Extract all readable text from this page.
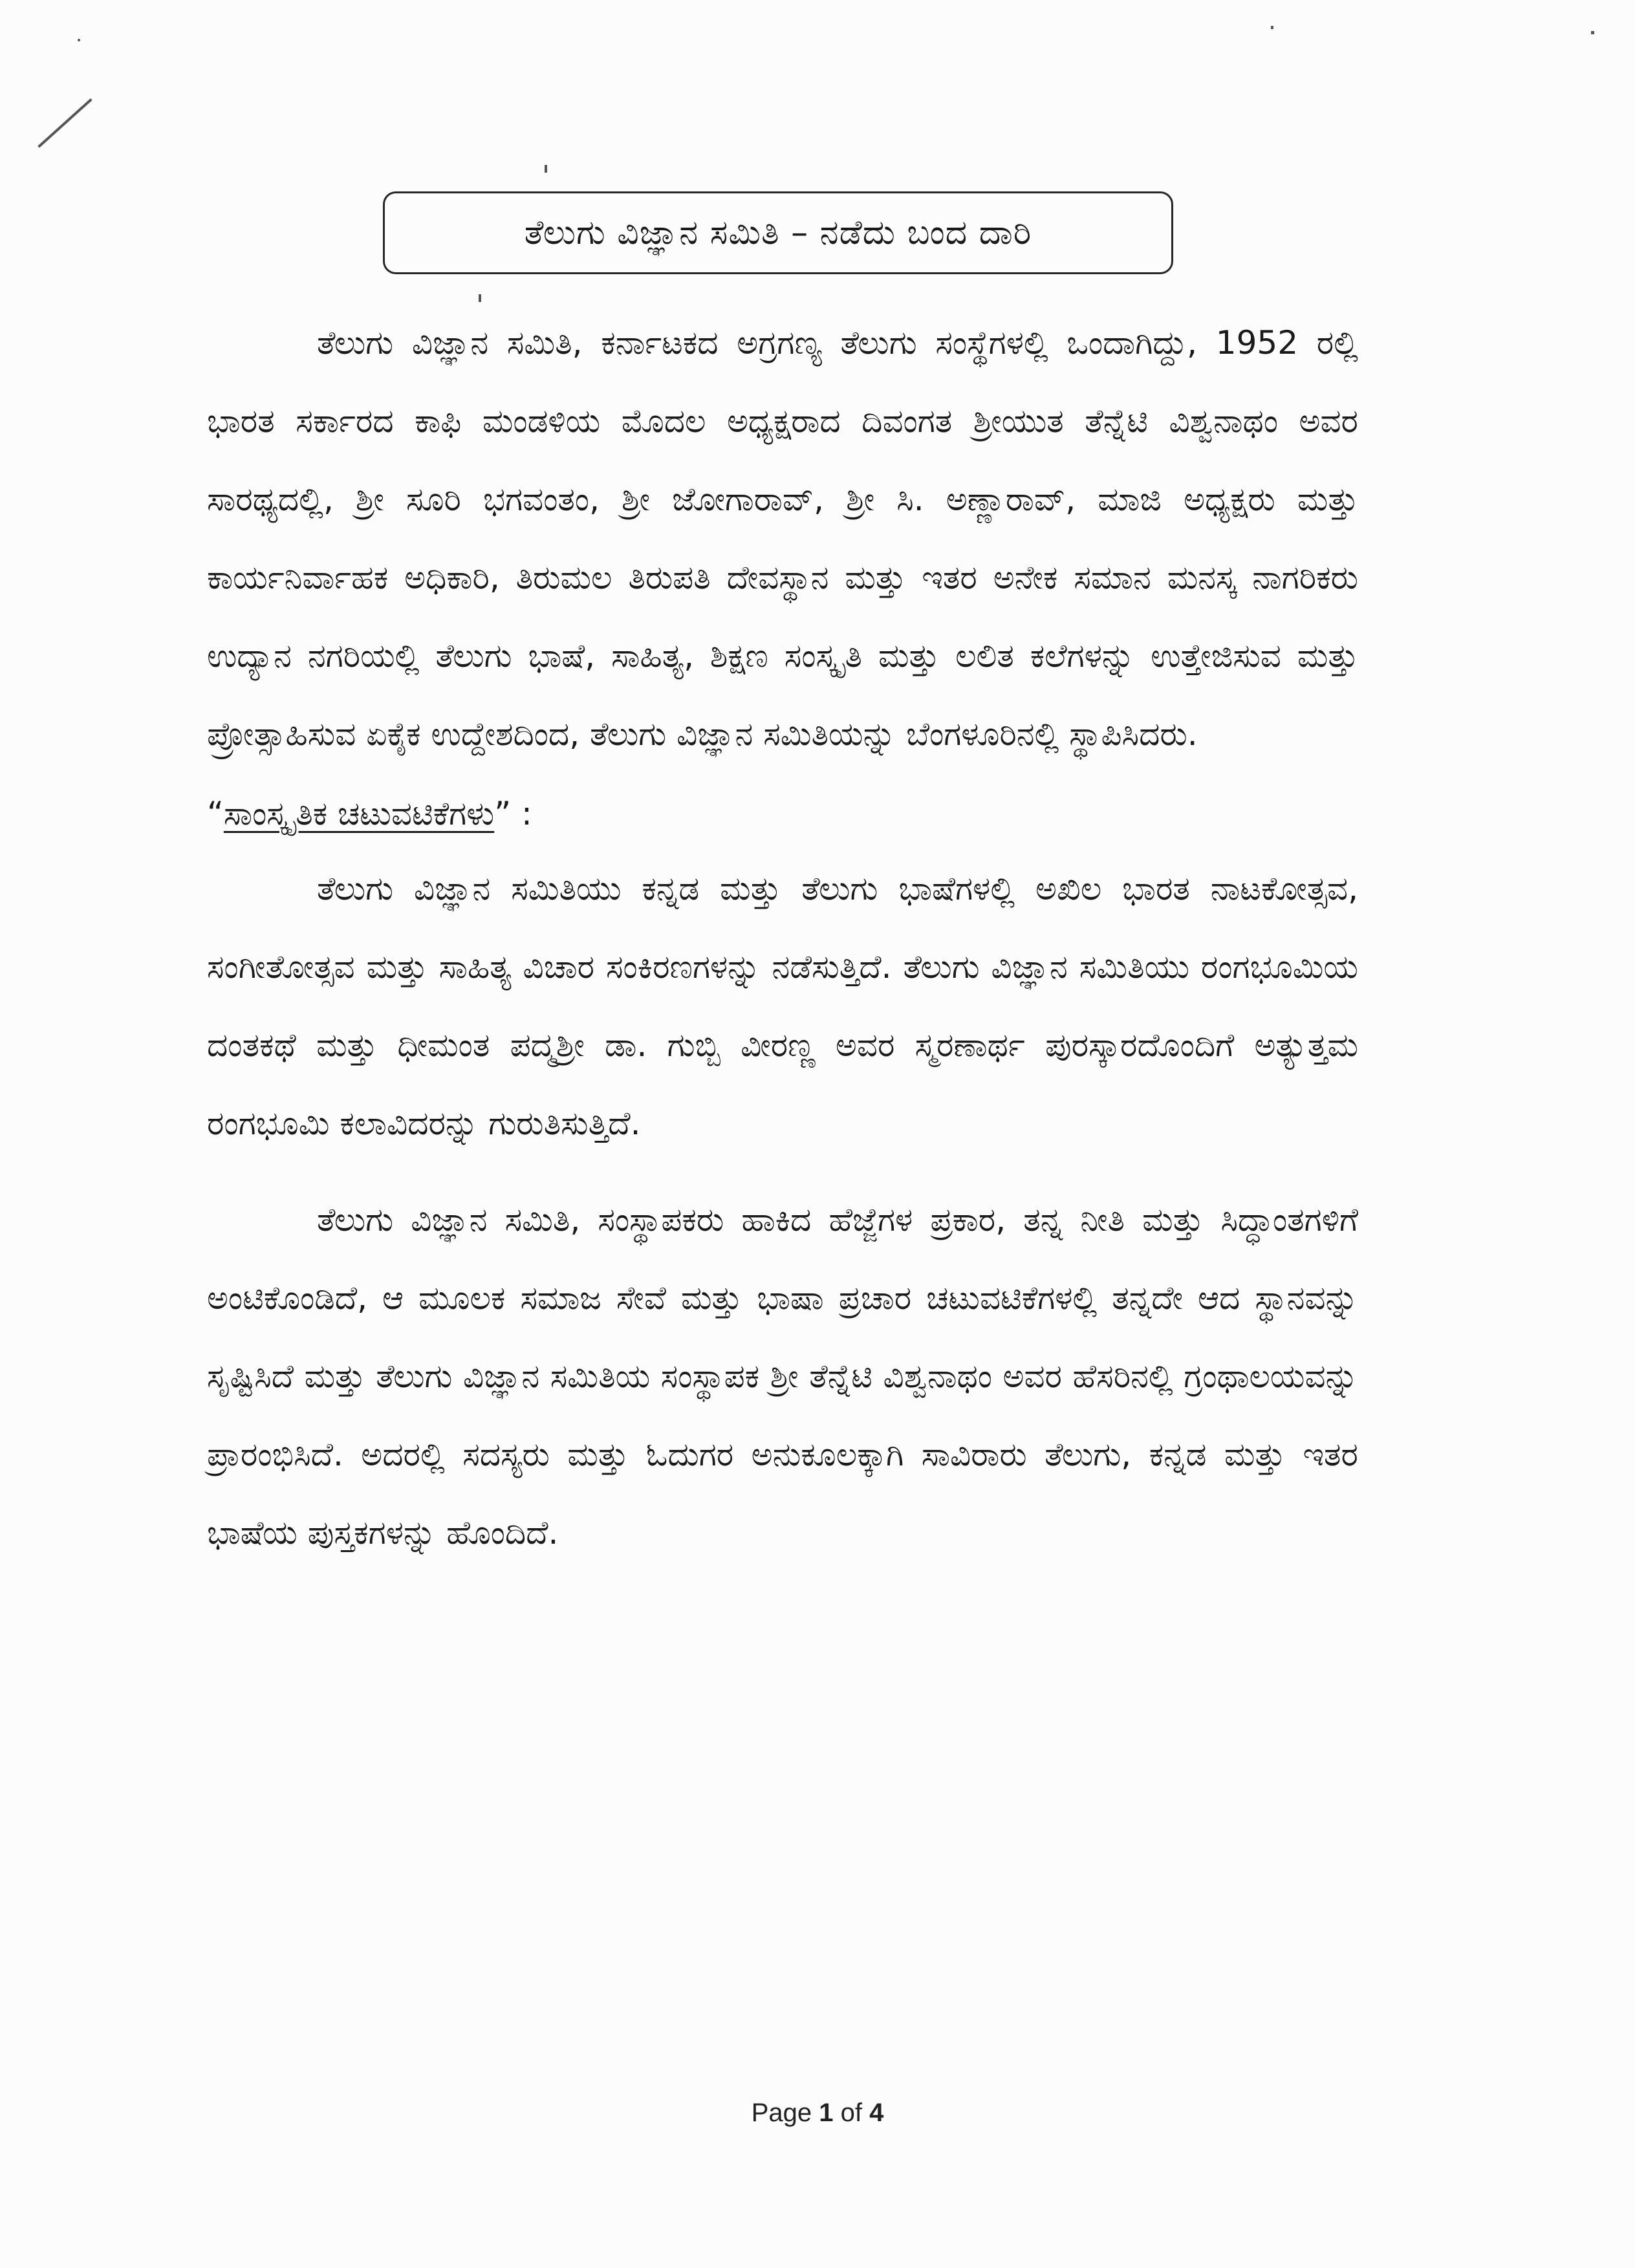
ತೆಲುಗು ವಿಜ್ಞಾನ ಸಮಿತಿ – ನಡೆದು ಬಂದ ದಾರಿ

ತೆಲುಗು ವಿಜ್ಞಾನ ಸಮಿತಿ, ಕರ್ನಾಟಕದ ಅಗ್ರಗಣ್ಯ ತೆಲುಗು ಸಂಸ್ಥೆಗಳಲ್ಲಿ ಒಂದಾಗಿದ್ದು, 1952 ರಲ್ಲಿ ಭಾರತ ಸರ್ಕಾರದ ಕಾಫಿ ಮಂಡಳಿಯ ಮೊದಲ ಅಧ್ಯಕ್ಷರಾದ ದಿವಂಗತ ಶ್ರೀಯುತ ತೆನ್ನೆಟಿ ವಿಶ್ವನಾಥಂ ಅವರ ಸಾರಥ್ಯದಲ್ಲಿ, ಶ್ರೀ ಸೂರಿ ಭಗವಂತಂ, ಶ್ರೀ ಜೋಗಾರಾವ್, ಶ್ರೀ ಸಿ. ಅಣ್ಣಾರಾವ್, ಮಾಜಿ ಅಧ್ಯಕ್ಷರು ಮತ್ತು ಕಾರ್ಯನಿರ್ವಾಹಕ ಅಧಿಕಾರಿ, ತಿರುಮಲ ತಿರುಪತಿ ದೇವಸ್ಥಾನ ಮತ್ತು ಇತರ ಅನೇಕ ಸಮಾನ ಮನಸ್ಕ ನಾಗರಿಕರು ಉದ್ಯಾನ ನಗರಿಯಲ್ಲಿ ತೆಲುಗು ಭಾಷೆ, ಸಾಹಿತ್ಯ, ಶಿಕ್ಷಣ ಸಂಸ್ಕೃತಿ ಮತ್ತು ಲಲಿತ ಕಲೆಗಳನ್ನು ಉತ್ತೇಜಿಸುವ ಮತ್ತು ಪ್ರೋತ್ಸಾಹಿಸುವ ಏಕೈಕ ಉದ್ದೇಶದಿಂದ, ತೆಲುಗು ವಿಜ್ಞಾನ ಸಮಿತಿಯನ್ನು ಬೆಂಗಳೂರಿನಲ್ಲಿ ಸ್ಥಾಪಿಸಿದರು.

“ಸಾಂಸ್ಕೃತಿಕ ಚಟುವಟಿಕೆಗಳು” :

ತೆಲುಗು ವಿಜ್ಞಾನ ಸಮಿತಿಯು ಕನ್ನಡ ಮತ್ತು ತೆಲುಗು ಭಾಷೆಗಳಲ್ಲಿ ಅಖಿಲ ಭಾರತ ನಾಟಕೋತ್ಸವ, ಸಂಗೀತೋತ್ಸವ ಮತ್ತು ಸಾಹಿತ್ಯ ವಿಚಾರ ಸಂಕಿರಣಗಳನ್ನು ನಡೆಸುತ್ತಿದೆ. ತೆಲುಗು ವಿಜ್ಞಾನ ಸಮಿತಿಯು ರಂಗಭೂಮಿಯ ದಂತಕಥೆ ಮತ್ತು ಧೀಮಂತ ಪದ್ಮಶ್ರೀ ಡಾ. ಗುಬ್ಬಿ ವೀರಣ್ಣ ಅವರ ಸ್ಮರಣಾರ್ಥ ಪುರಸ್ಕಾರದೊಂದಿಗೆ ಅತ್ಯುತ್ತಮ ರಂಗಭೂಮಿ ಕಲಾವಿದರನ್ನು ಗುರುತಿಸುತ್ತಿದೆ.

ತೆಲುಗು ವಿಜ್ಞಾನ ಸಮಿತಿ, ಸಂಸ್ಥಾಪಕರು ಹಾಕಿದ ಹೆಜ್ಜೆಗಳ ಪ್ರಕಾರ, ತನ್ನ ನೀತಿ ಮತ್ತು ಸಿದ್ಧಾಂತಗಳಿಗೆ ಅಂಟಿಕೊಂಡಿದೆ, ಆ ಮೂಲಕ ಸಮಾಜ ಸೇವೆ ಮತ್ತು ಭಾಷಾ ಪ್ರಚಾರ ಚಟುವಟಿಕೆಗಳಲ್ಲಿ ತನ್ನದೇ ಆದ ಸ್ಥಾನವನ್ನು ಸೃಷ್ಟಿಸಿದೆ ಮತ್ತು ತೆಲುಗು ವಿಜ್ಞಾನ ಸಮಿತಿಯ ಸಂಸ್ಥಾಪಕ ಶ್ರೀ ತೆನ್ನೆಟಿ ವಿಶ್ವನಾಥಂ ಅವರ ಹೆಸರಿನಲ್ಲಿ ಗ್ರಂಥಾಲಯವನ್ನು ಪ್ರಾರಂಭಿಸಿದೆ. ಅದರಲ್ಲಿ ಸದಸ್ಯರು ಮತ್ತು ಓದುಗರ ಅನುಕೂಲಕ್ಕಾಗಿ ಸಾವಿರಾರು ತೆಲುಗು, ಕನ್ನಡ ಮತ್ತು ಇತರ ಭಾಷೆಯ ಪುಸ್ತಕಗಳನ್ನು ಹೊಂದಿದೆ.

Page 1 of 4
